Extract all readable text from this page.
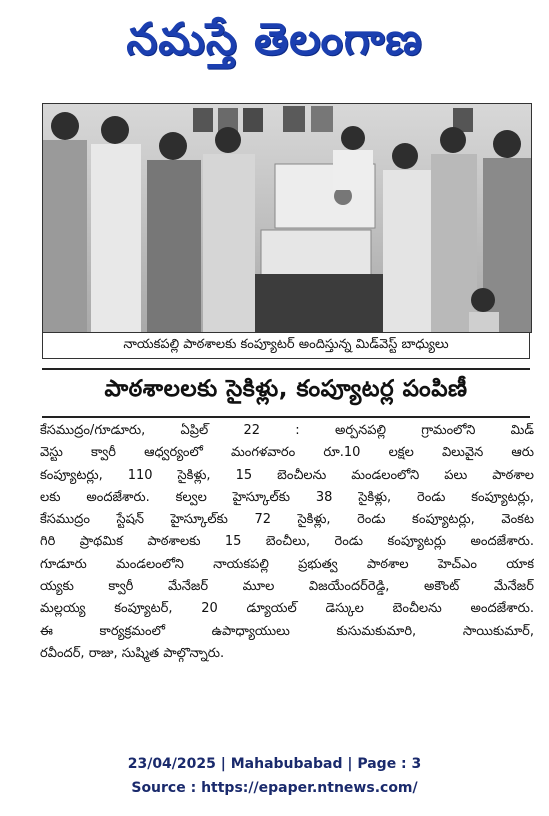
నమస్తే తెలంగాణ
నాయకపల్లి పాఠశాలకు కంప్యూటర్ అందిస్తున్న మిడ్‌వెస్ట్ బాధ్యులు
పాఠశాలలకు సైకిళ్లు, కంప్యూటర్ల పంపిణీ
కేసముద్రం/గూడూరు, ఏప్రిల్ 22 : అర్పనపల్లి గ్రామంలోని మిడ్
వెస్టు క్వారీ ఆధ్వర్యంలో మంగళవారం రూ.10 లక్షల విలువైన ఆరు
కంప్యూటర్లు, 110 సైకిళ్లు, 15 బెంచీలను మండలంలోని పలు పాఠశాల
లకు అందజేశారు. కల్వల హైస్కూల్‌కు 38 సైకిళ్లు, రెండు కంప్యూటర్లు,
కేసముద్రం స్టేషన్ హైస్కూల్‌కు 72 సైకిళ్లు, రెండు కంప్యూటర్లు, వెంకట
గిరి ప్రాథమిక పాఠశాలకు 15 బెంచీలు, రెండు కంప్యూటర్లు అందజేశారు.
గూడూరు మండలంలోని నాయకపల్లి ప్రభుత్వ పాఠశాల హెచ్‌ఎం యాక
య్యకు క్వారీ మేనేజర్ మూల విజయేందర్‌రెడ్డి, అకౌంట్ మేనేజర్
మల్లయ్య కంప్యూటర్, 20 డ్యూయల్ డెస్కుల బెంచీలను అందజేశారు.
ఈ కార్యక్రమంలో ఉపాధ్యాయులు కుసుమకుమారి, సాయికుమార్,
రవీందర్, రాజు, సుష్మిత పాల్గొన్నారు.
23/04/2025 | Mahabubabad | Page : 3
Source : https://epaper.ntnews.com/
